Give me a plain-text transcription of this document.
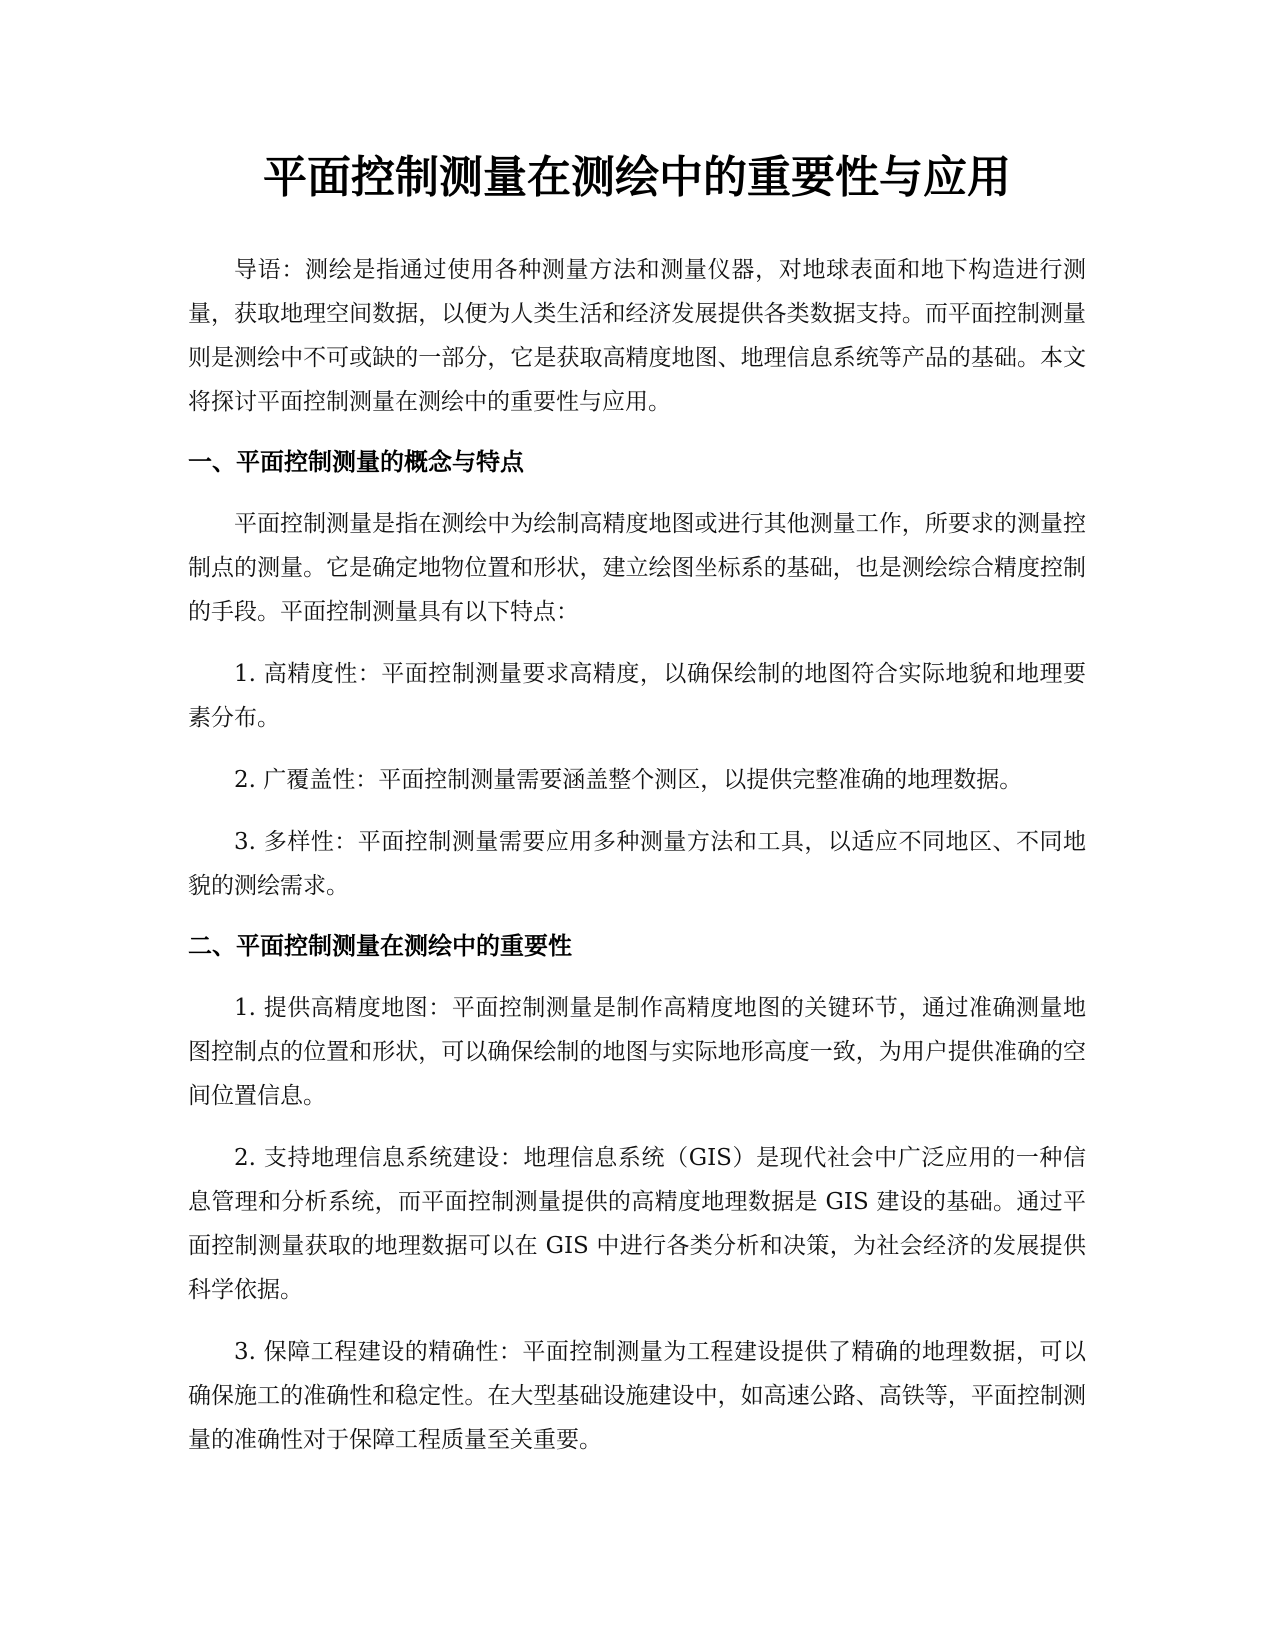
平面控制测量在测绘中的重要性与应用

导语：测绘是指通过使用各种测量方法和测量仪器，对地球表面和地下构造进行测量，获取地理空间数据，以便为人类生活和经济发展提供各类数据支持。而平面控制测量则是测绘中不可或缺的一部分，它是获取高精度地图、地理信息系统等产品的基础。本文将探讨平面控制测量在测绘中的重要性与应用。

一、平面控制测量的概念与特点

平面控制测量是指在测绘中为绘制高精度地图或进行其他测量工作，所要求的测量控制点的测量。它是确定地物位置和形状，建立绘图坐标系的基础，也是测绘综合精度控制的手段。平面控制测量具有以下特点：

1. 高精度性：平面控制测量要求高精度，以确保绘制的地图符合实际地貌和地理要素分布。

2. 广覆盖性：平面控制测量需要涵盖整个测区，以提供完整准确的地理数据。

3. 多样性：平面控制测量需要应用多种测量方法和工具，以适应不同地区、不同地貌的测绘需求。

二、平面控制测量在测绘中的重要性

1. 提供高精度地图：平面控制测量是制作高精度地图的关键环节，通过准确测量地图控制点的位置和形状，可以确保绘制的地图与实际地形高度一致，为用户提供准确的空间位置信息。

2. 支持地理信息系统建设：地理信息系统（GIS）是现代社会中广泛应用的一种信息管理和分析系统，而平面控制测量提供的高精度地理数据是 GIS 建设的基础。通过平面控制测量获取的地理数据可以在 GIS 中进行各类分析和决策，为社会经济的发展提供科学依据。

3. 保障工程建设的精确性：平面控制测量为工程建设提供了精确的地理数据，可以确保施工的准确性和稳定性。在大型基础设施建设中，如高速公路、高铁等，平面控制测量的准确性对于保障工程质量至关重要。
